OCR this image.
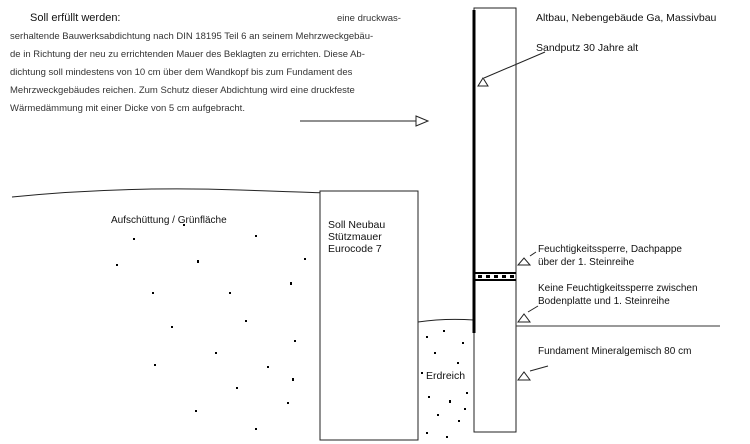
Soll erfüllt werden:	eine druckwas-
serhaltende Bauwerksabdichtung nach DIN 18195 Teil 6 an seinem Mehrzweckgebäu-
de in Richtung der neu zu errichtenden Mauer des Beklagten zu errichten. Diese Ab-
dichtung soll mindestens von 10 cm über dem Wandkopf bis zum Fundament des
Mehrzweckgebäudes reichen. Zum Schutz dieser Abdichtung wird eine druckfeste
Wärmedämmung mit einer Dicke von 5 cm aufgebracht.
Altbau, Nebengebäude Ga, Massivbau
Sandputz 30 Jahre alt
Aufschüttung / Grünfläche	Soll Neubau
Stützmauer
Eurocode 7	Feuchtigkeitssperre, Dachpappe
über der 1. Steinreihe
Keine Feuchtigkeitssperre zwischen
Bodenplatte und 1. Steinreihe
Fundament Mineralgemisch 80 cm
Erdreich
